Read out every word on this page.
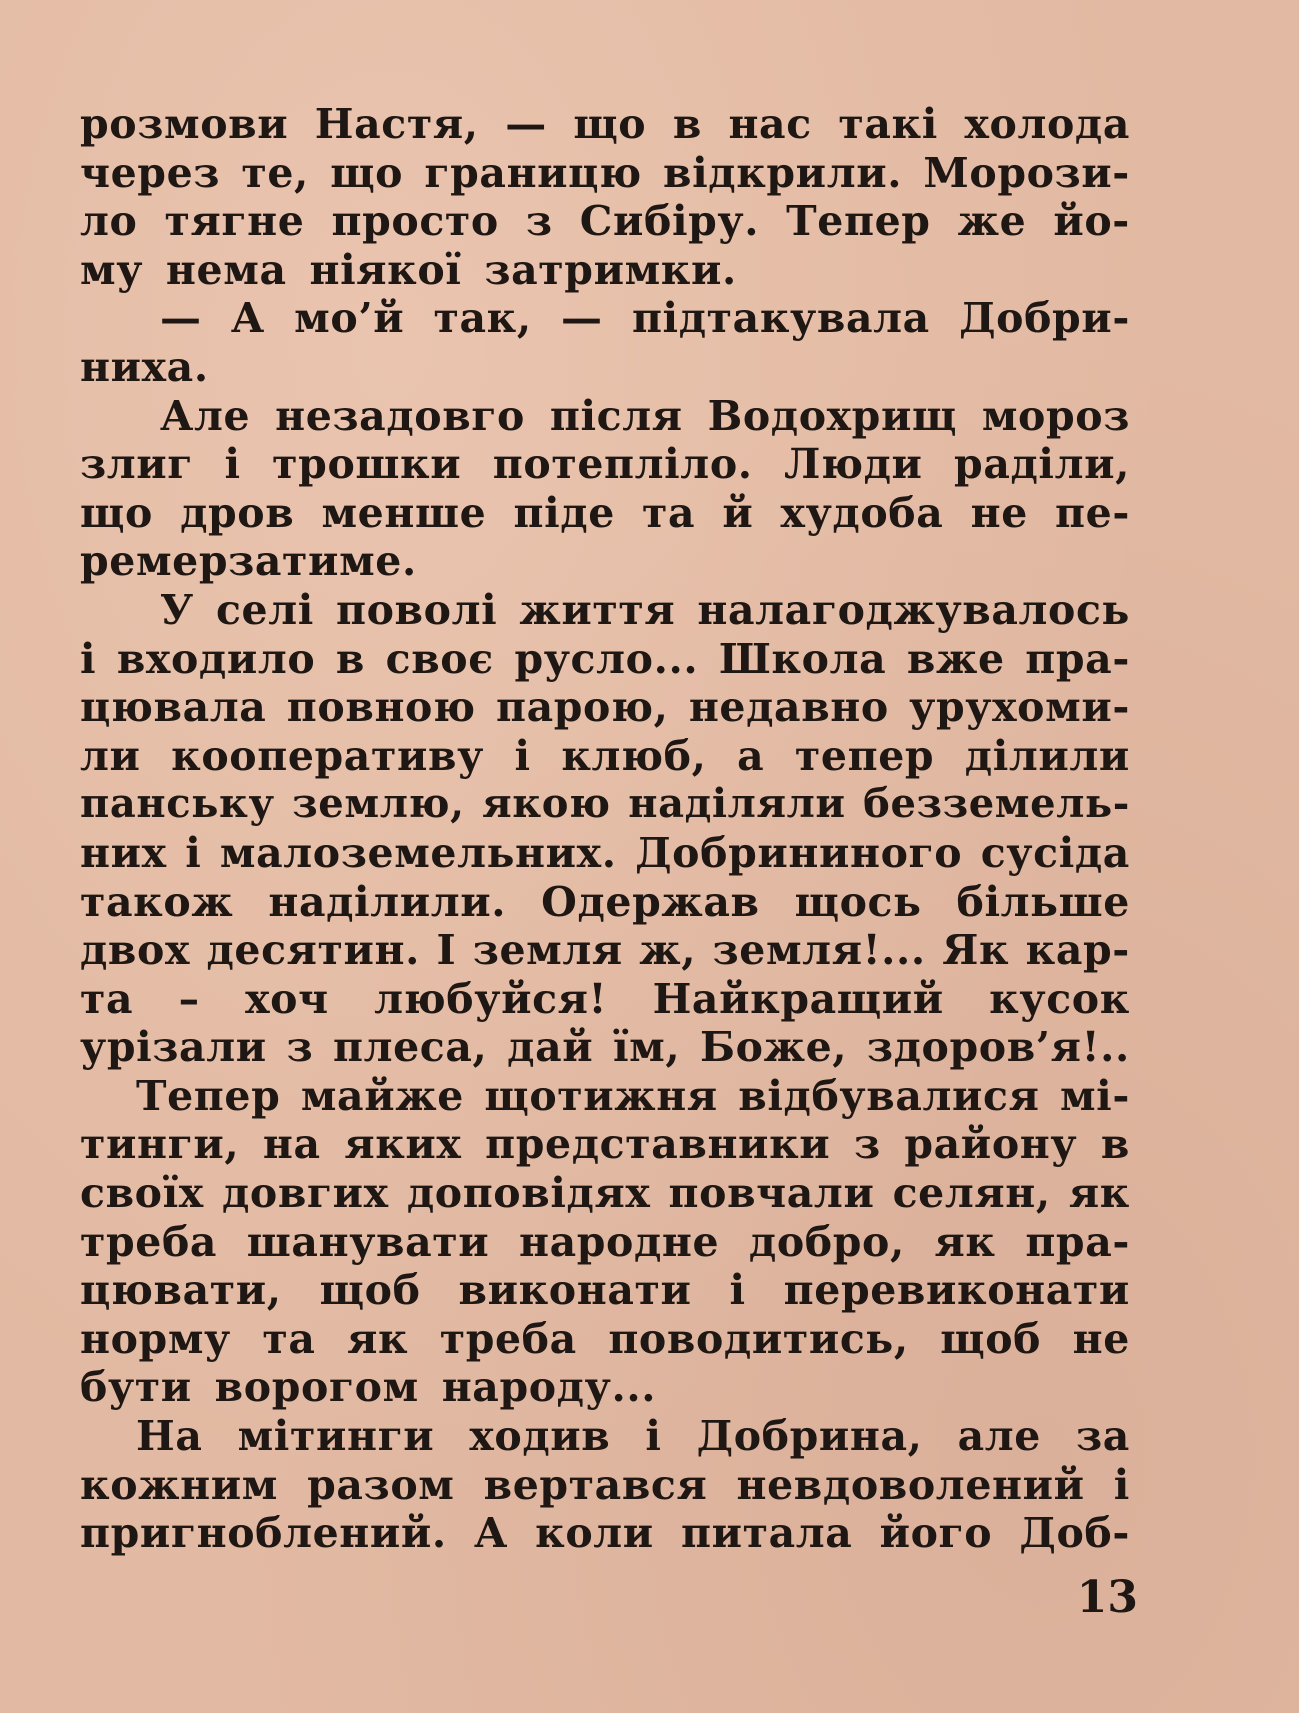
розмови Настя, — що в нас такі холода
через те, що границю відкрили. Морози-
ло тягне просто з Сибіру. Тепер же йо-
му нема ніякої затримки.
— А мо’й так, — підтакувала Добри-
ниха.
Але незадовго після Водохрищ мороз
злиг і трошки потепліло. Люди раділи,
що дров менше піде та й худоба не пе-
ремерзатиме.
У селі поволі життя налагоджувалось
і входило в своє русло... Школа вже пра-
цювала повною парою, недавно урухоми-
ли кооперативу і клюб, а тепер ділили
панську землю, якою наділяли безземель-
них і малоземельних. Добрининого сусіда
також наділили. Одержав щось більше
двох десятин. І земля ж, земля!... Як кар-
та – хоч любуйся! Найкращий кусок
урізали з плеса, дай їм, Боже, здоров’я!..
Тепер майже щотижня відбувалися мі-
тинги, на яких представники з району в
своїх довгих доповідях повчали селян, як
треба шанувати народне добро, як пра-
цювати, щоб виконати і перевиконати
норму та як треба поводитись, щоб не
бути ворогом народу...
На мітинги ходив і Добрина, але за
кожним разом вертався невдоволений і
пригноблений. А коли питала його Доб-
13
